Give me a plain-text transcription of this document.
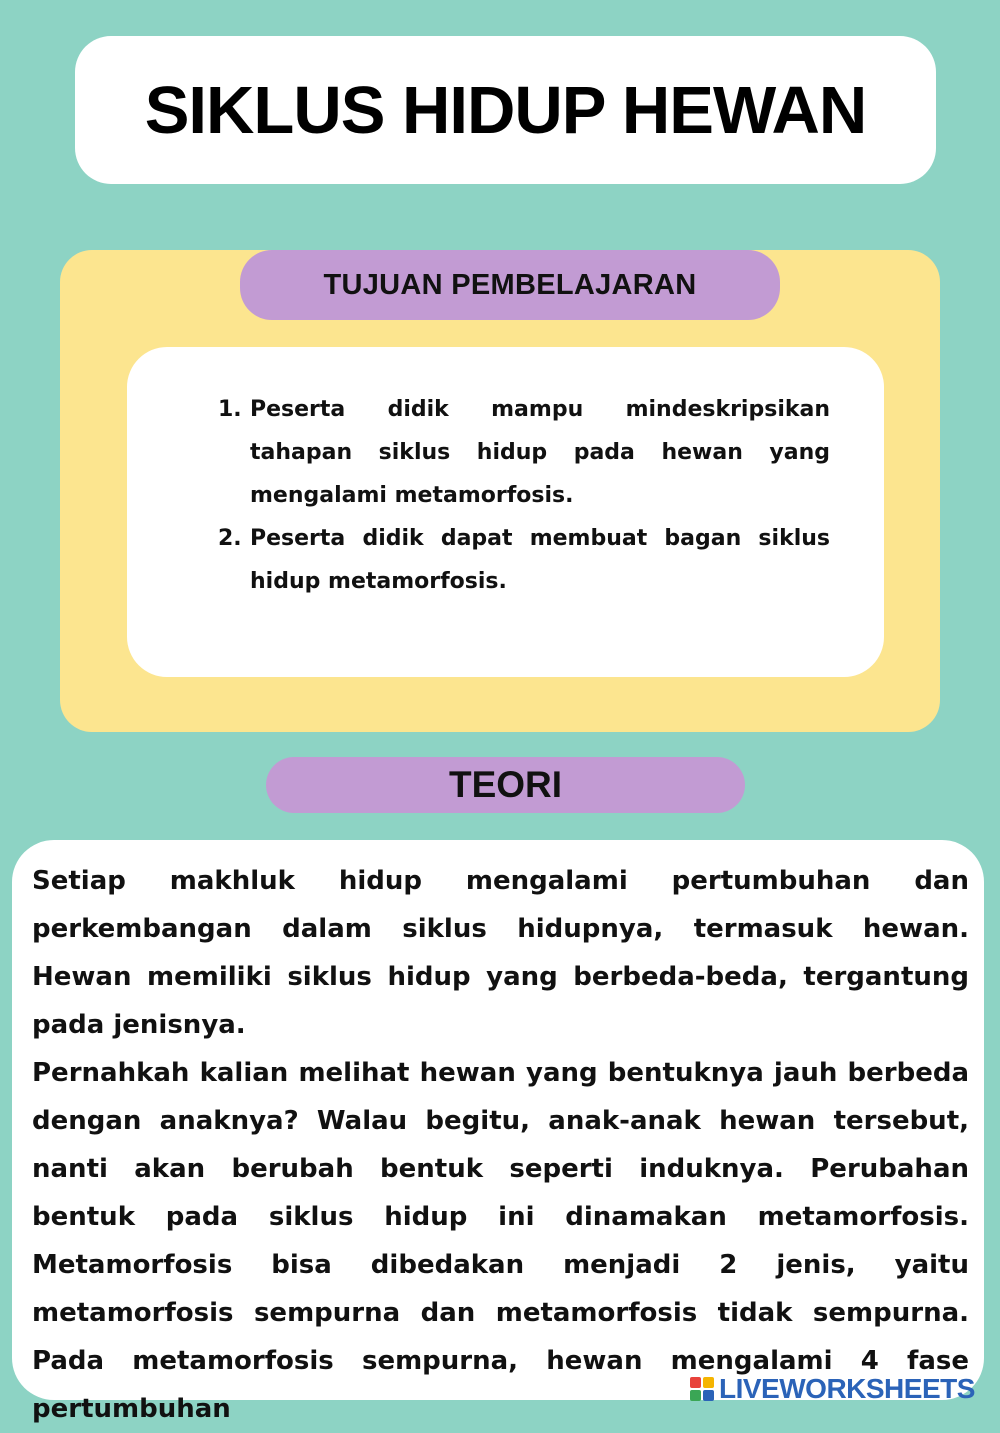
SIKLUS HIDUP HEWAN
TUJUAN PEMBELAJARAN
1. Peserta didik mampu mindeskripsikan tahapan siklus hidup pada hewan yang mengalami metamorfosis.
2. Peserta didik dapat membuat bagan siklus hidup metamorfosis.
TEORI

Setiap makhluk hidup mengalami pertumbuhan dan perkembangan dalam siklus hidupnya, termasuk hewan. Hewan memiliki siklus hidup yang berbeda-beda, tergantung pada jenisnya.

Pernahkah kalian melihat hewan yang bentuknya jauh berbeda dengan anaknya? Walau begitu, anak-anak hewan tersebut, nanti akan berubah bentuk seperti induknya. Perubahan bentuk pada siklus hidup ini dinamakan metamorfosis. Metamorfosis bisa dibedakan menjadi 2 jenis, yaitu metamorfosis sempurna dan metamorfosis tidak sempurna. Pada metamorfosis sempurna, hewan mengalami 4 fase pertumbuhan

LIVEWORKSHEETS
